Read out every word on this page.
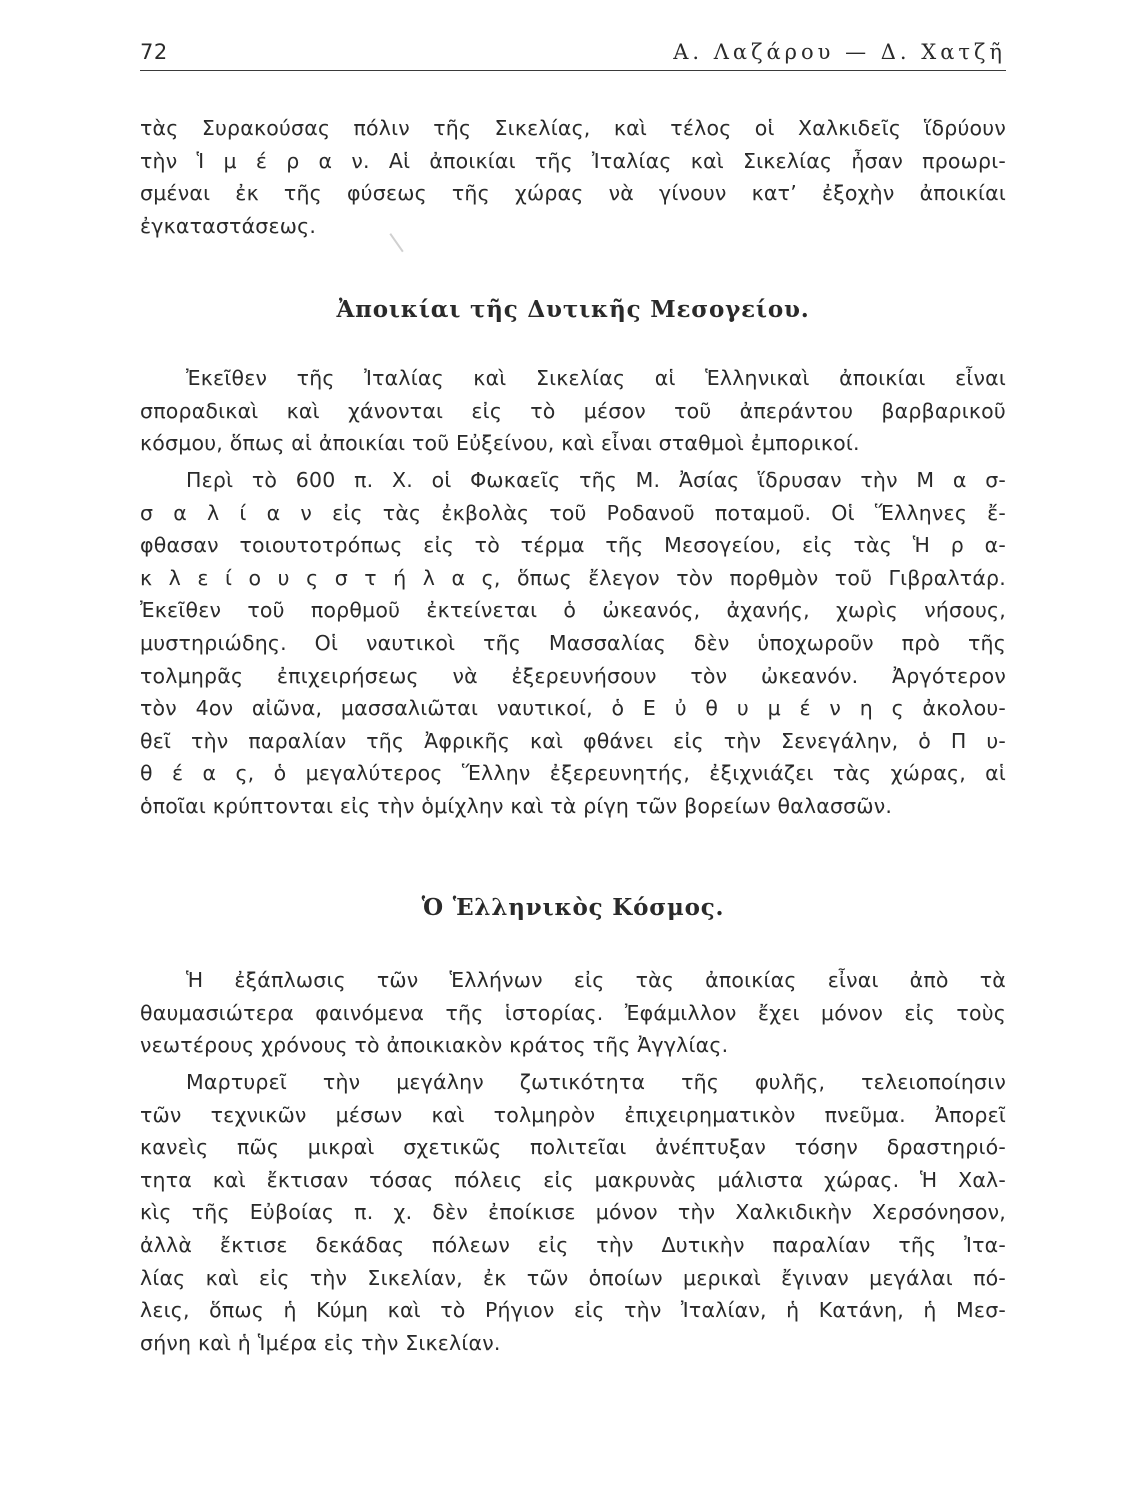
72	Α. Λαζάρου — Δ. Χατζῆ
τὰς Συρακούσας πόλιν τῆς Σικελίας, καὶ τέλος οἱ Χαλκιδεῖς ἵδρύουν
τὴν Ἱ μ έ ρ α ν. Αἱ ἀποικίαι τῆς Ἰταλίας καὶ Σικελίας ἦσαν προωρι-
σμέναι ἐκ τῆς φύσεως τῆς χώρας νὰ γίνουν κατ’ ἐξοχὴν ἀποικίαι
ἐγκαταστάσεως.
Ἀποικίαι τῆς Δυτικῆς Μεσογείου.
Ἐκεῖθεν τῆς Ἰταλίας καὶ Σικελίας αἱ Ἑλληνικαὶ ἀποικίαι εἶναι
σποραδικαὶ καὶ χάνονται εἰς τὸ μέσον τοῦ ἀπεράντου βαρβαρικοῦ
κόσμου, ὅπως αἱ ἀποικίαι τοῦ Εὐξείνου, καὶ εἶναι σταθμοὶ ἐμπορικοί.
Περὶ τὸ 600 π. Χ. οἱ Φωκαεῖς τῆς Μ. Ἀσίας ἵδρυσαν τὴν Μ α σ-
σ α λ ί α ν εἰς τὰς ἐκβολὰς τοῦ Ροδανοῦ ποταμοῦ. Οἱ Ἕλληνες ἔ-
φθασαν τοιουτοτρόπως εἰς τὸ τέρμα τῆς Μεσογείου, εἰς τὰς Ἡ ρ α-
κ λ ε ί ο υ ς σ τ ή λ α ς, ὅπως ἔλεγον τὸν πορθμὸν τοῦ Γιβραλτάρ.
Ἐκεῖθεν τοῦ πορθμοῦ ἐκτείνεται ὁ ὠκεανός, ἀχανής, χωρὶς νήσους,
μυστηριώδης. Οἱ ναυτικοὶ τῆς Μασσαλίας δὲν ὑποχωροῦν πρὸ τῆς
τολμηρᾶς ἐπιχειρήσεως νὰ ἐξερευνήσουν τὸν ὠκεανόν. Ἀργότερον
τὸν 4ον αἰῶνα, μασσαλιῶται ναυτικοί, ὁ Ε ὐ θ υ μ έ ν η ς ἀκολου-
θεῖ τὴν παραλίαν τῆς Ἀφρικῆς καὶ φθάνει εἰς τὴν Σενεγάλην, ὁ Π υ-
θ έ α ς, ὁ μεγαλύτερος Ἕλλην ἐξερευνητής, ἐξιχνιάζει τὰς χώρας, αἱ
ὁποῖαι κρύπτονται εἰς τὴν ὁμίχλην καὶ τὰ ρίγη τῶν βορείων θαλασσῶν.
Ὁ Ἑλληνικὸς Κόσμος.
Ἡ ἐξάπλωσις τῶν Ἑλλήνων εἰς τὰς ἀποικίας εἶναι ἀπὸ τὰ
θαυμασιώτερα φαινόμενα τῆς ἱστορίας. Ἐφάμιλλον ἔχει μόνον εἰς τοὺς
νεωτέρους χρόνους τὸ ἀποικιακὸν κράτος τῆς Ἀγγλίας.
Μαρτυρεῖ τὴν μεγάλην ζωτικότητα τῆς φυλῆς, τελειοποίησιν
τῶν τεχνικῶν μέσων καὶ τολμηρὸν ἐπιχειρηματικὸν πνεῦμα. Ἀπορεῖ
κανεὶς πῶς μικραὶ σχετικῶς πολιτεῖαι ἀνέπτυξαν τόσην δραστηριό-
τητα καὶ ἔκτισαν τόσας πόλεις εἰς μακρυνὰς μάλιστα χώρας. Ἡ Χαλ-
κὶς τῆς Εὐβοίας π. χ. δὲν ἐποίκισε μόνον τὴν Χαλκιδικὴν Χερσόνησον,
ἀλλὰ ἔκτισε δεκάδας πόλεων εἰς τὴν Δυτικὴν παραλίαν τῆς Ἰτα-
λίας καὶ εἰς τὴν Σικελίαν, ἐκ τῶν ὁποίων μερικαὶ ἔγιναν μεγάλαι πό-
λεις, ὅπως ἡ Κύμη καὶ τὸ Ρήγιον εἰς τὴν Ἰταλίαν, ἡ Κατάνη, ἡ Μεσ-
σήνη καὶ ἡ Ἱμέρα εἰς τὴν Σικελίαν.
